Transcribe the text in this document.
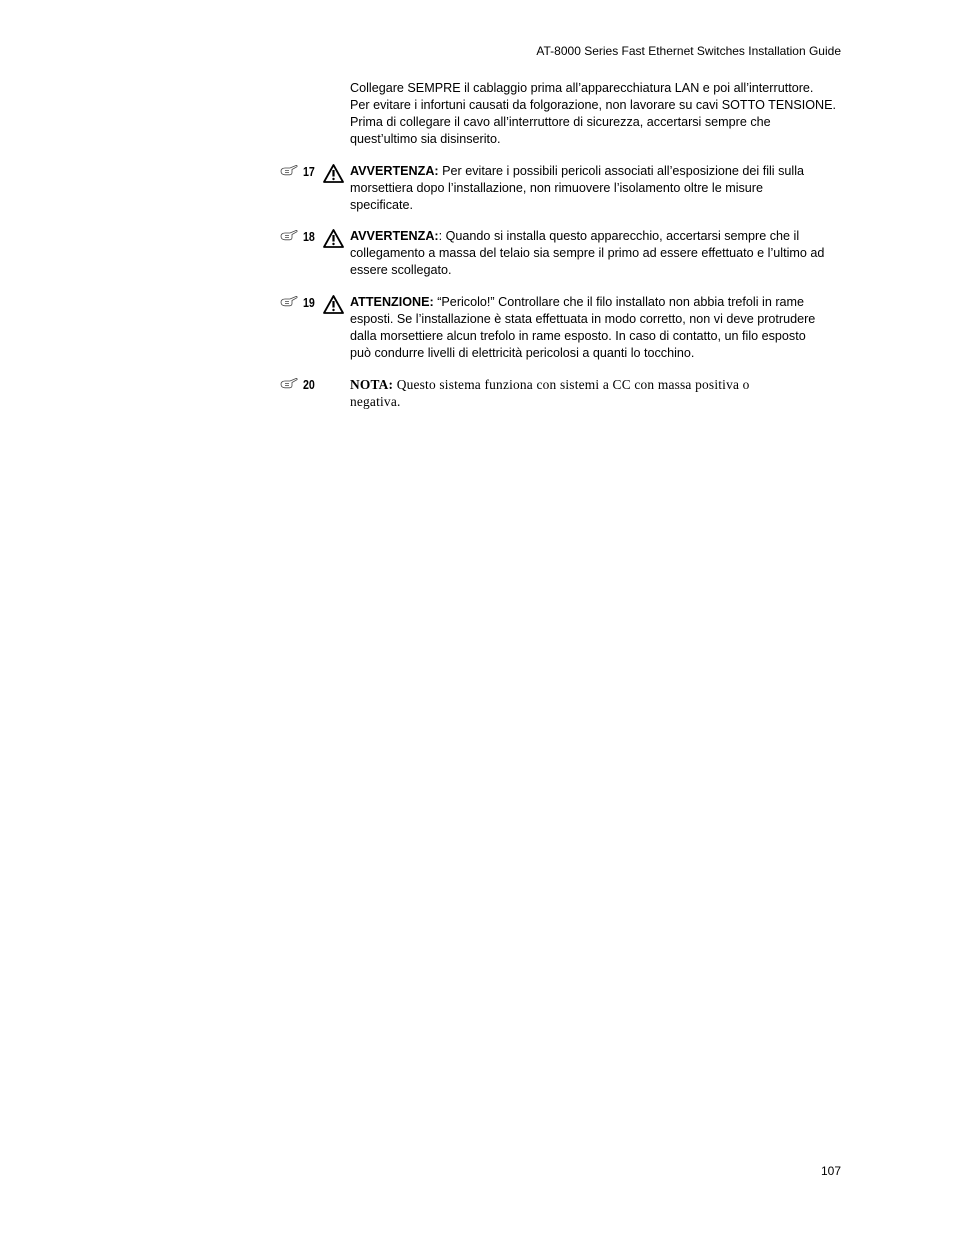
AT-8000 Series Fast Ethernet Switches Installation Guide

Collegare SEMPRE il cablaggio prima all’apparecchiatura LAN e poi all’interruttore.

Per evitare i infortuni causati da folgorazione, non lavorare su cavi SOTTO TENSIONE.

Prima di collegare il cavo all’interruttore di sicurezza, accertarsi sempre che

quest’ultimo sia disinserito.

17	AVVERTENZA: Per evitare i possibili pericoli associati all’esposizione dei fili sulla

morsettiera dopo l’installazione, non rimuovere l’isolamento oltre le misure

specificate.

18	AVVERTENZA:: Quando si installa questo apparecchio, accertarsi sempre che il

collegamento a massa del telaio sia sempre il primo ad essere effettuato e l’ultimo ad

essere scollegato.

19	ATTENZIONE: “Pericolo!” Controllare che il filo installato non abbia trefoli in rame

esposti. Se l’installazione è stata effettuata in modo corretto, non vi deve protrudere

dalla morsettiere alcun trefolo in rame esposto. In caso di contatto, un filo esposto

può condurre livelli di elettricità pericolosi a quanti lo tocchino.

20	NOTA: Questo sistema funziona con sistemi a CC con massa positiva o

negativa.

107
